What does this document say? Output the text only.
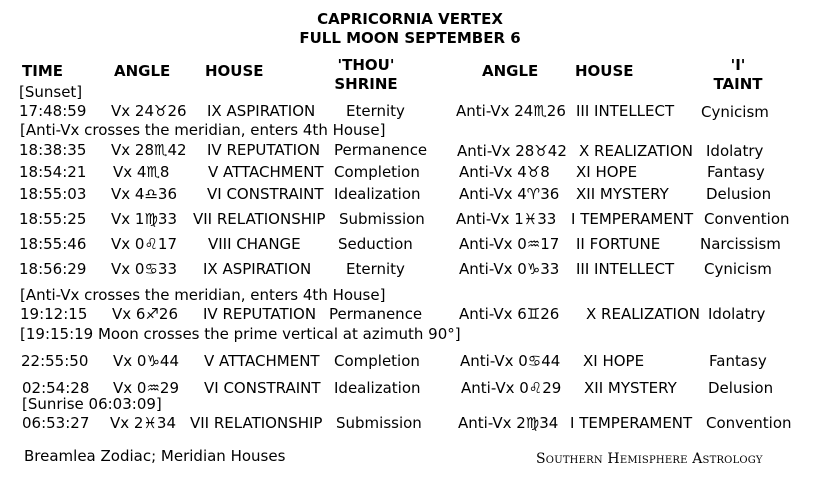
CAPRICORNIA VERTEX
FULL MOON SEPTEMBER 6
TIME	ANGLE HOUSE	'THOU'
SHRINE
ANGLE HOUSE	'I'
TAINT
[Sunset]
17:48:59 Vx 24♉26 IX ASPIRATION Eternity	Anti-Vx 24♏26 III INTELLECT Cynicism
[Anti-Vx crosses the meridian, enters 4th House]
18:38:35 Vx 28♏42 IV REPUTATION Permanence Anti-Vx 28♉42 X REALIZATION Idolatry
18:54:21 Vx 4♏8	V ATTACHMENT Completion	Anti-Vx 4♉8 XI HOPE	Fantasy
18:55:03 Vx 4♎36 VI CONSTRAINT Idealization	Anti-Vx 4♈36 XII MYSTERY Delusion
18:55:25 Vx 1♍33 VII RELATIONSHIP Submission Anti-Vx 1♓33 I TEMPERAMENT Convention
18:55:46 Vx 0♌17 VIII CHANGE Seduction	Anti-Vx 0♒17 II FORTUNE	Narcissism
18:56:29 Vx 0♋33 IX ASPIRATION Eternity	Anti-Vx 0♑33 III INTELLECT Cynicism
[Anti-Vx crosses the meridian, enters 4th House]
19:12:15 Vx 6♐26 IV REPUTATION Permanence Anti-Vx 6♊26 X REALIZATION Idolatry
[19:15:19 Moon crosses the prime vertical at azimuth 90°]
22:55:50 Vx 0♑44 V ATTACHMENT Completion	Anti-Vx 0♋44 XI HOPE	Fantasy
02:54:28 Vx 0♒29 VI CONSTRAINT Idealization	Anti-Vx 0♌29 XII MYSTERY Delusion
[Sunrise 06:03:09]
06:53:27 Vx 2♓34 VII RELATIONSHIP Submission Anti-Vx 2♍34 I TEMPERAMENT Convention
Breamlea Zodiac; Meridian Houses	Southern Hemisphere Astrology
